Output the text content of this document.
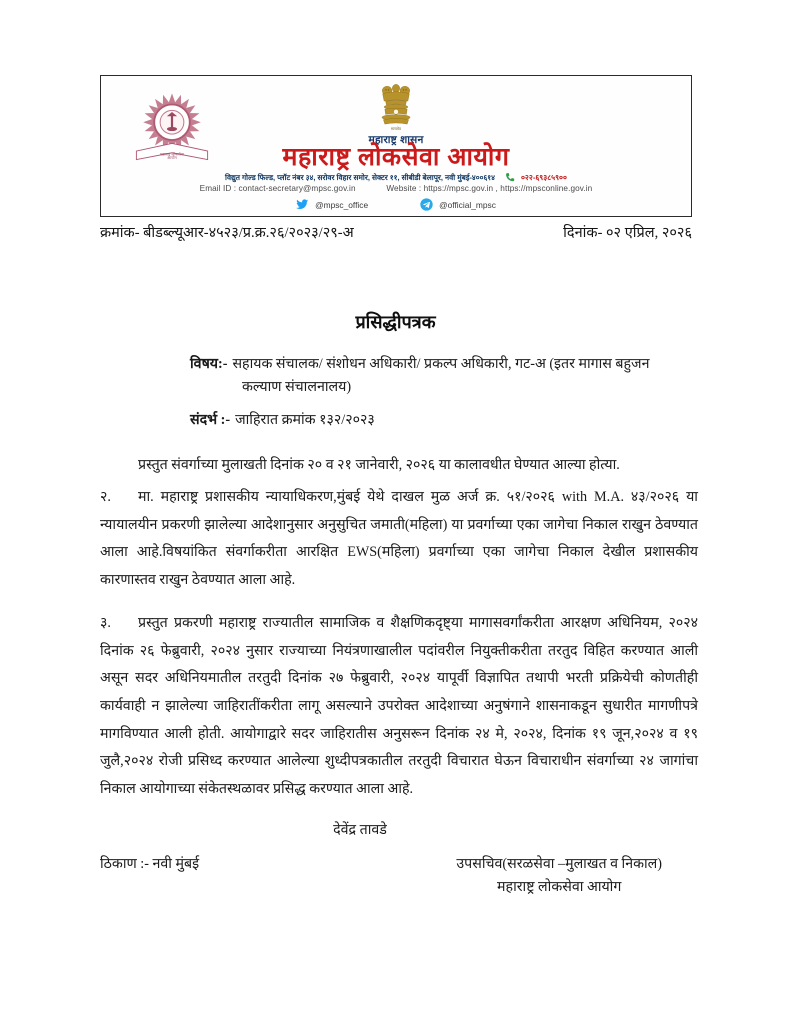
महाराष्ट्र लोकसेवा
आयोग
सत्यमेव
महाराष्ट्र शासन
महाराष्ट्र लोकसेवा आयोग
विद्युत गोल्ड फिल्ड, प्लॉट नंबर ३४, सरोवर विहार समोर, सेक्टर ११, सीबीडी बेलापूर, नवी मुंबई-४००६१४	०२२-६९३८५९००
Email ID : contact-secretary@mpsc.gov.in	Website : https://mpsc.gov.in , https://mpsconline.gov.in
@mpsc_office	@official_mpsc
क्रमांक- बीडब्ल्यूआर-४५२३/प्र.क्र.२६/२०२३/२९-अ	दिनांक- ०२ एप्रिल, २०२६
प्रसिद्धीपत्रक
विषय:- सहायक संचालक/ संशोधन अधिकारी/ प्रकल्प अधिकारी, गट-अ (इतर मागास बहुजन
कल्याण संचालनालय)
संदर्भ :- जाहिरात क्रमांक १३२/२०२३
प्रस्तुत संवर्गाच्या मुलाखती दिनांक २० व २१ जानेवारी, २०२६ या कालावधीत घेण्यात आल्या होत्या.
२.	मा. महाराष्ट्र प्रशासकीय न्यायाधिकरण,मुंबई येथे दाखल मुळ अर्ज क्र. ५१/२०२६ with M.A. ४३/२०२६ या न्यायालयीन प्रकरणी झालेल्या आदेशानुसार अनुसुचित जमाती(महिला) या प्रवर्गाच्या एका जागेचा निकाल राखुन ठेवण्यात आला आहे.विषयांकित संवर्गाकरीता आरक्षित EWS(महिला) प्रवर्गाच्या एका जागेचा निकाल देखील प्रशासकीय कारणास्तव राखुन ठेवण्यात आला आहे.
३.	प्रस्तुत प्रकरणी महाराष्ट्र राज्यातील सामाजिक व शैक्षणिकदृष्ट्या मागासवर्गांकरीता आरक्षण अधिनियम, २०२४ दिनांक २६ फेब्रुवारी, २०२४ नुसार राज्याच्या नियंत्रणाखालील पदांवरील नियुक्तीकरीता तरतुद विहित करण्यात आली असून सदर अधिनियमातील तरतुदी दिनांक २७ फेब्रुवारी, २०२४ यापूर्वी विज्ञापित तथापी भरती प्रक्रियेची कोणतीही कार्यवाही न झालेल्या जाहिरातींकरीता लागू असल्याने उपरोक्त आदेशाच्या अनुषंगाने शासनाकडून सुधारीत मागणीपत्रे मागविण्यात आली होती. आयोगाद्वारे सदर जाहिरातीस अनुसरून दिनांक २४ मे, २०२४, दिनांक १९ जून,२०२४ व १९ जुलै,२०२४ रोजी प्रसिध्द करण्यात आलेल्या शुध्दीपत्रकातील तरतुदी विचारात घेऊन विचाराधीन संवर्गाच्या २४ जागांचा निकाल आयोगाच्या संकेतस्थळावर प्रसिद्ध करण्यात आला आहे.
देवेंद्र तावडे
ठिकाण :- नवी मुंबई	उपसचिव(सरळसेवा –मुलाखत व निकाल)
महाराष्ट्र लोकसेवा आयोग
